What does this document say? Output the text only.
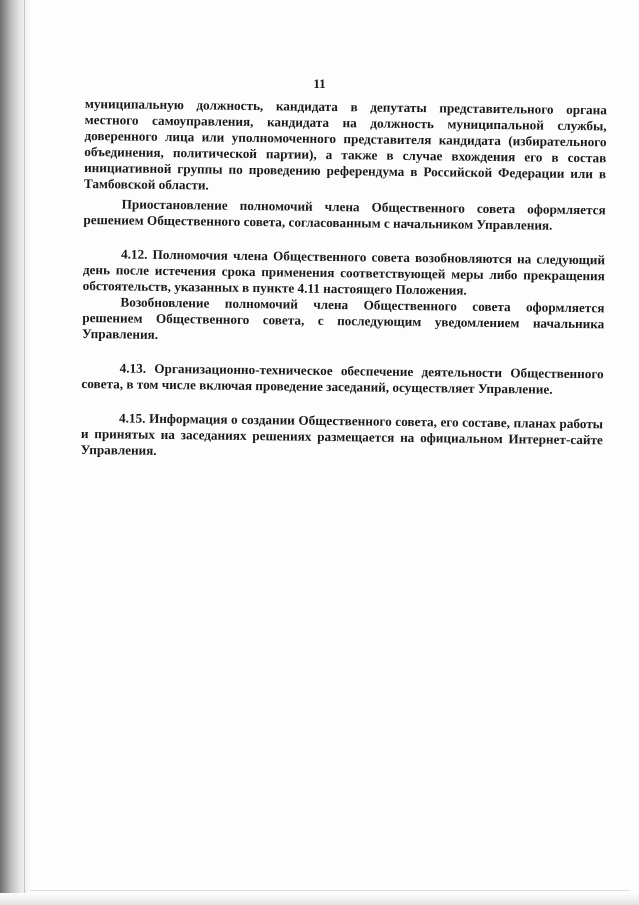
11

муниципальную должность, кандидата в депутаты представительного органа местного самоуправления, кандидата на должность муниципальной службы, доверенного лица или уполномоченного представителя кандидата (избирательного объединения, политической партии), а также в случае вхождения его в состав инициативной группы по проведению референдума в Российской Федерации или в Тамбовской области.

Приостановление полномочий члена Общественного совета оформляется решением Общественного совета, согласованным с начальником Управления.

4.12. Полномочия члена Общественного совета возобновляются на следующий день после истечения срока применения соответствующей меры либо прекращения обстоятельств, указанных в пункте 4.11 настоящего Положения.

Возобновление полномочий члена Общественного совета оформляется решением Общественного совета, с последующим уведомлением начальника Управления.

4.13. Организационно-техническое обеспечение деятельности Общественного совета, в том числе включая проведение заседаний, осуществляет Управление.

4.15. Информация о создании Общественного совета, его составе, планах работы и принятых на заседаниях решениях размещается на официальном Интернет-сайте Управления.
